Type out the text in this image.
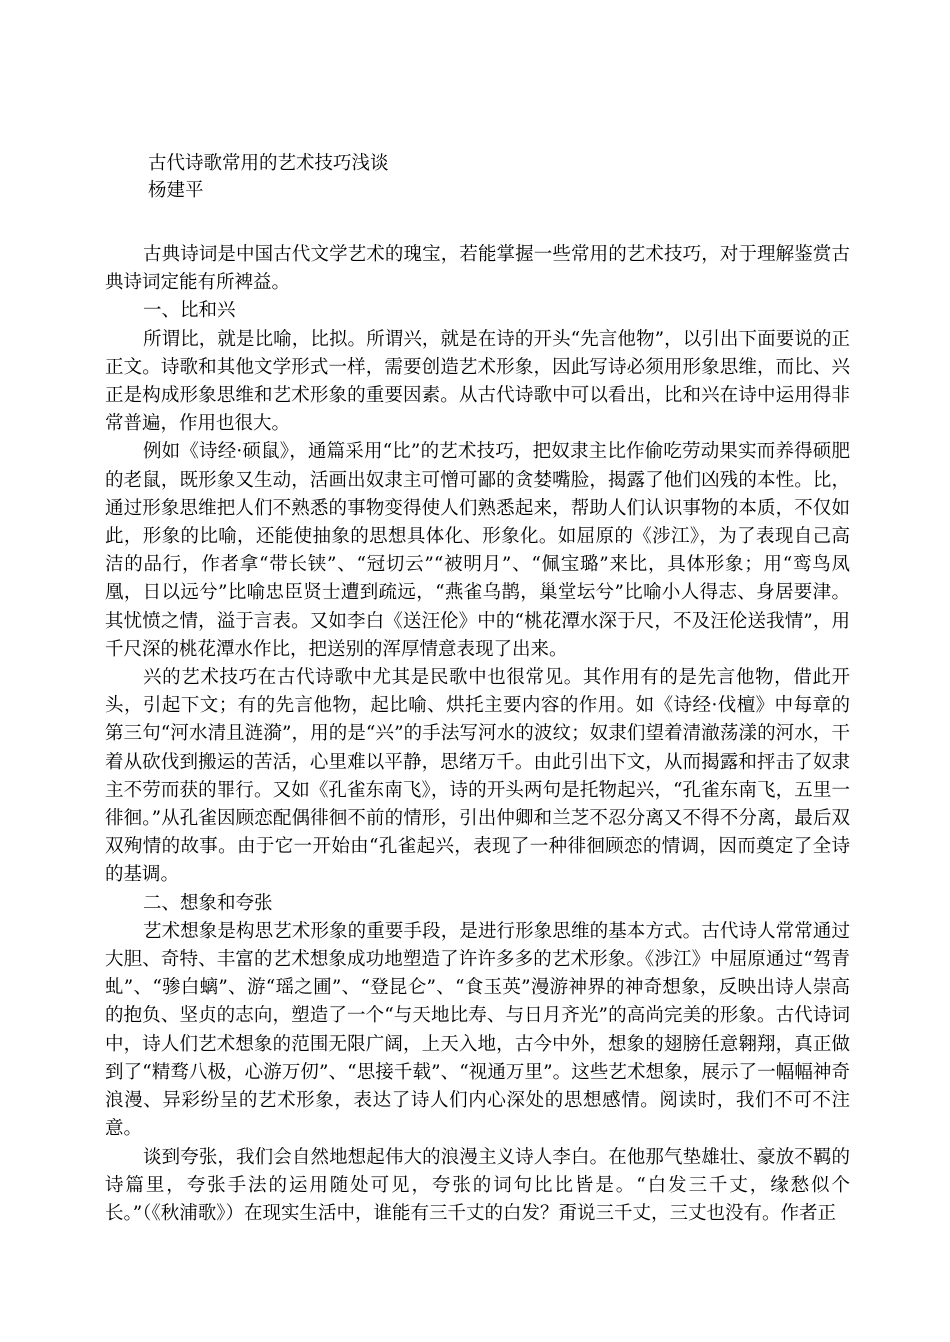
古代诗歌常用的艺术技巧浅谈

杨建平

古典诗词是中国古代文学艺术的瑰宝，若能掌握一些常用的艺术技巧，对于理解鉴赏古典诗词定能有所裨益。

一、比和兴

所谓比，就是比喻，比拟。所谓兴，就是在诗的开头“先言他物”，以引出下面要说的正正文。诗歌和其他文学形式一样，需要创造艺术形象，因此写诗必须用形象思维，而比、兴正是构成形象思维和艺术形象的重要因素。从古代诗歌中可以看出，比和兴在诗中运用得非常普遍，作用也很大。

例如《诗经·硕鼠》，通篇采用“比”的艺术技巧，把奴隶主比作偷吃劳动果实而养得硕肥的老鼠，既形象又生动，活画出奴隶主可憎可鄙的贪婪嘴脸，揭露了他们凶残的本性。比，通过形象思维把人们不熟悉的事物变得使人们熟悉起来，帮助人们认识事物的本质，不仅如此，形象的比喻，还能使抽象的思想具体化、形象化。如屈原的《涉江》，为了表现自己高洁的品行，作者拿“带长铗”、“冠切云”“被明月”、“佩宝璐”来比，具体形象；用“鸾鸟凤凰，日以远兮”比喻忠臣贤士遭到疏远，“燕雀乌鹊，巢堂坛兮”比喻小人得志、身居要津。其忧愤之情，溢于言表。又如李白《送汪伦》中的“桃花潭水深于尺，不及汪伦送我情”，用千尺深的桃花潭水作比，把送别的浑厚情意表现了出来。

兴的艺术技巧在古代诗歌中尤其是民歌中也很常见。其作用有的是先言他物，借此开头，引起下文；有的先言他物，起比喻、烘托主要内容的作用。如《诗经·伐檀》中每章的第三句“河水清且涟漪”，用的是“兴”的手法写河水的波纹；奴隶们望着清澈荡漾的河水，干着从砍伐到搬运的苦活，心里难以平静，思绪万千。由此引出下文，从而揭露和抨击了奴隶主不劳而获的罪行。又如《孔雀东南飞》，诗的开头两句是托物起兴，“孔雀东南飞，五里一徘徊。”从孔雀因顾恋配偶徘徊不前的情形，引出仲卿和兰芝不忍分离又不得不分离，最后双双殉情的故事。由于它一开始由“孔雀起兴，表现了一种徘徊顾恋的情调，因而奠定了全诗的基调。

二、想象和夸张

艺术想象是构思艺术形象的重要手段，是进行形象思维的基本方式。古代诗人常常通过大胆、奇特、丰富的艺术想象成功地塑造了许许多多的艺术形象。《涉江》中屈原通过“驾青虬”、“骖白螭”、游“瑶之圃”、“登昆仑”、“食玉英”漫游神界的神奇想象，反映出诗人崇高的抱负、坚贞的志向，塑造了一个“与天地比寿、与日月齐光”的高尚完美的形象。古代诗词中，诗人们艺术想象的范围无限广阔，上天入地，古今中外，想象的翅膀任意翱翔，真正做到了“精骛八极，心游万仞”、“思接千载”、“视通万里”。这些艺术想象，展示了一幅幅神奇浪漫、异彩纷呈的艺术形象，表达了诗人们内心深处的思想感情。阅读时，我们不可不注意。

谈到夸张，我们会自然地想起伟大的浪漫主义诗人李白。在他那气垫雄壮、豪放不羁的诗篇里，夸张手法的运用随处可见，夸张的词句比比皆是。“白发三千丈，缘愁似个长。”（《秋浦歌》）在现实生活中，谁能有三千丈的白发？甭说三千丈，三丈也没有。作者正
